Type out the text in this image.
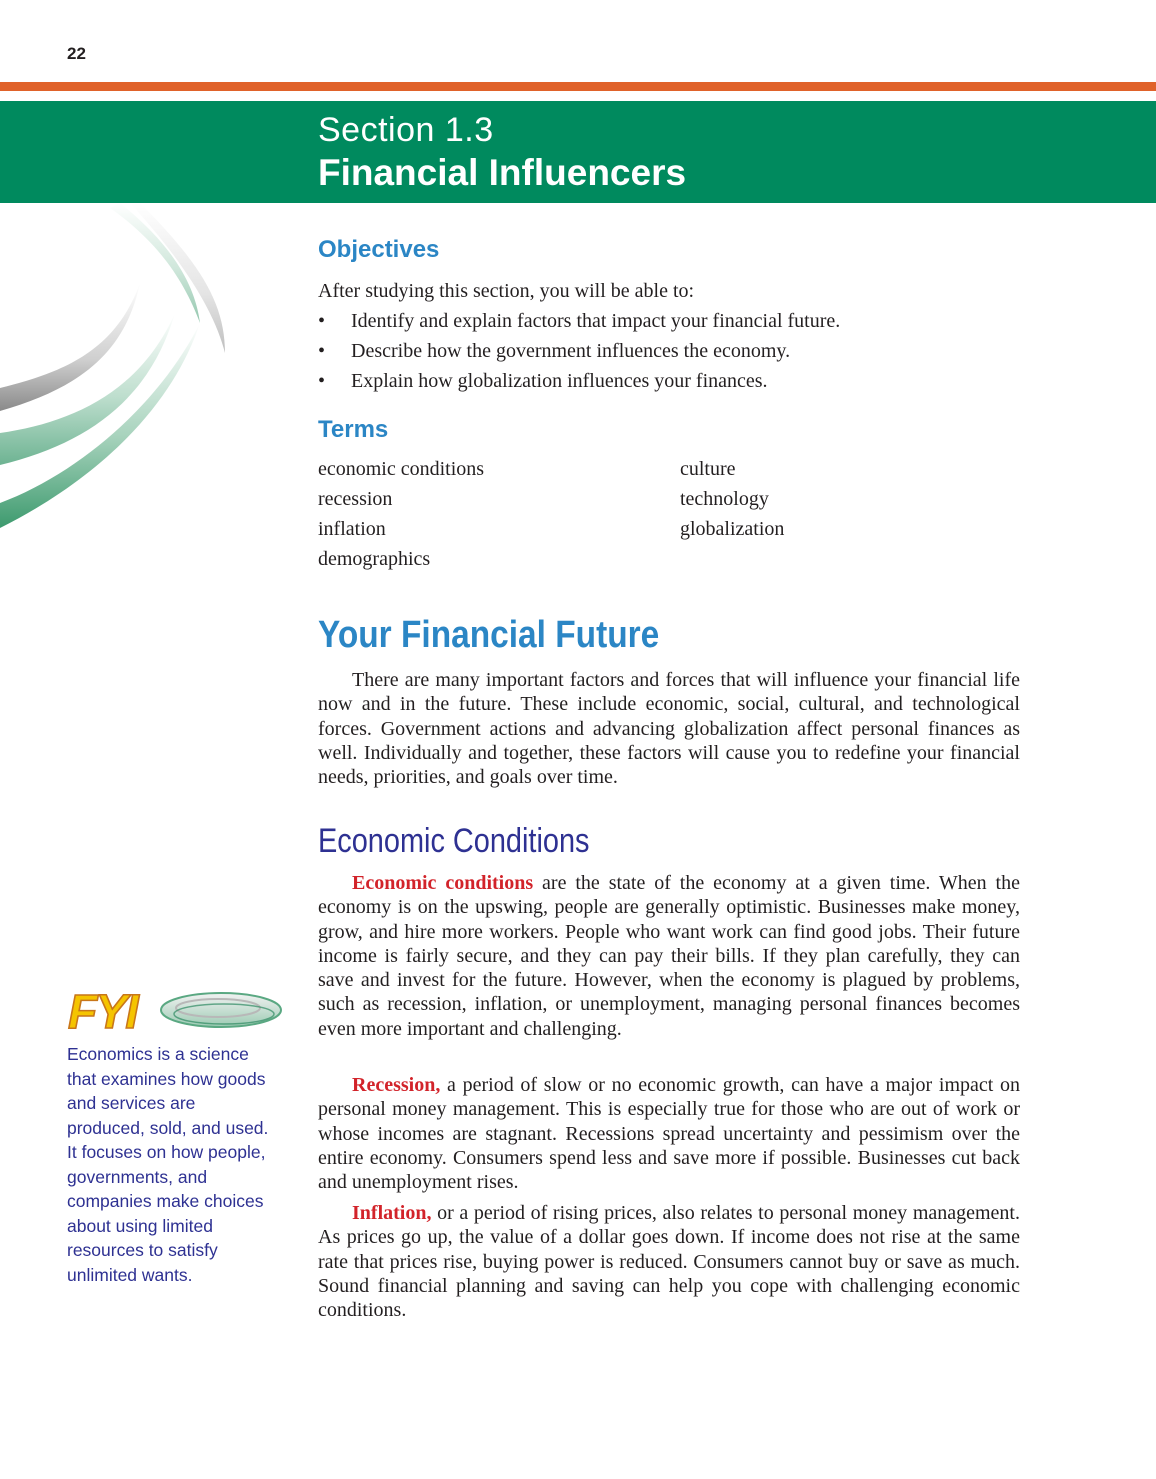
22
Section 1.3
Financial Influencers
Objectives
After studying this section, you will be able to:
• Identify and explain factors that impact your financial future.
• Describe how the government influences the economy.
• Explain how globalization influences your finances.
Terms
economic conditions
recession
inflation
demographics
culture
technology
globalization
Your Financial Future

There are many important factors and forces that will influence your financial life now and in the future. These include economic, social, cultural, and technological forces. Government actions and advancing globalization affect personal finances as well. Individually and together, these factors will cause you to redefine your financial needs, priorities, and goals over time.

Economic Conditions

Economic conditions are the state of the economy at a given time. When the economy is on the upswing, people are generally optimistic. Businesses make money, grow, and hire more workers. People who want work can find good jobs. Their future income is fairly secure, and they can pay their bills. If they plan carefully, they can save and invest for the future. However, when the economy is plagued by problems, such as recession, inflation, or unemployment, managing personal finances becomes even more important and challenging.

Recession, a period of slow or no economic growth, can have a major impact on personal money management. This is especially true for those who are out of work or whose incomes are stagnant. Recessions spread uncertainty and pessimism over the entire economy. Consumers spend less and save more if possible. Businesses cut back and unemployment rises.

Inflation, or a period of rising prices, also relates to personal money management. As prices go up, the value of a dollar goes down. If income does not rise at the same rate that prices rise, buying power is reduced. Consumers cannot buy or save as much. Sound financial planning and saving can help you cope with challenging economic conditions.

FYI
Economics is a science that examines how goods and services are produced, sold, and used. It focuses on how people, governments, and companies make choices about using limited resources to satisfy unlimited wants.
